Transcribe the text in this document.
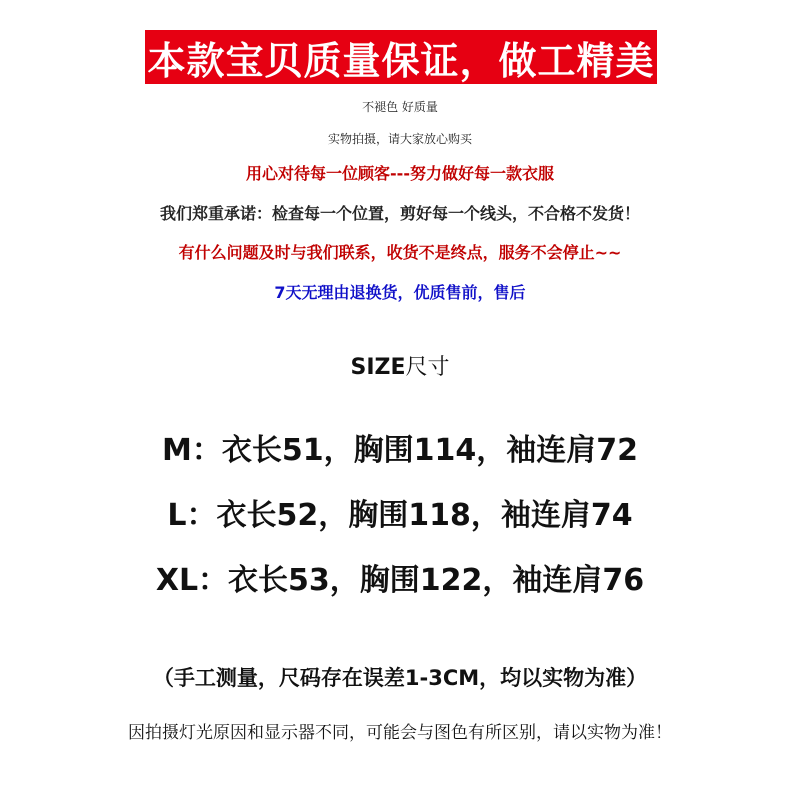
本款宝贝质量保证，做工精美
不褪色 好质量
实物拍摄，请大家放心购买
用心对待每一位顾客---努力做好每一款衣服
我们郑重承诺：检查每一个位置，剪好每一个线头，不合格不发货！
有什么问题及时与我们联系，收货不是终点，服务不会停止~~
7天无理由退换货，优质售前，售后
SIZE尺寸
M：衣长51，胸围114，袖连肩72
L：衣长52，胸围118，袖连肩74
XL：衣长53，胸围122，袖连肩76
（手工测量，尺码存在误差1-3CM，均以实物为准）
因拍摄灯光原因和显示器不同，可能会与图色有所区别，请以实物为准！
